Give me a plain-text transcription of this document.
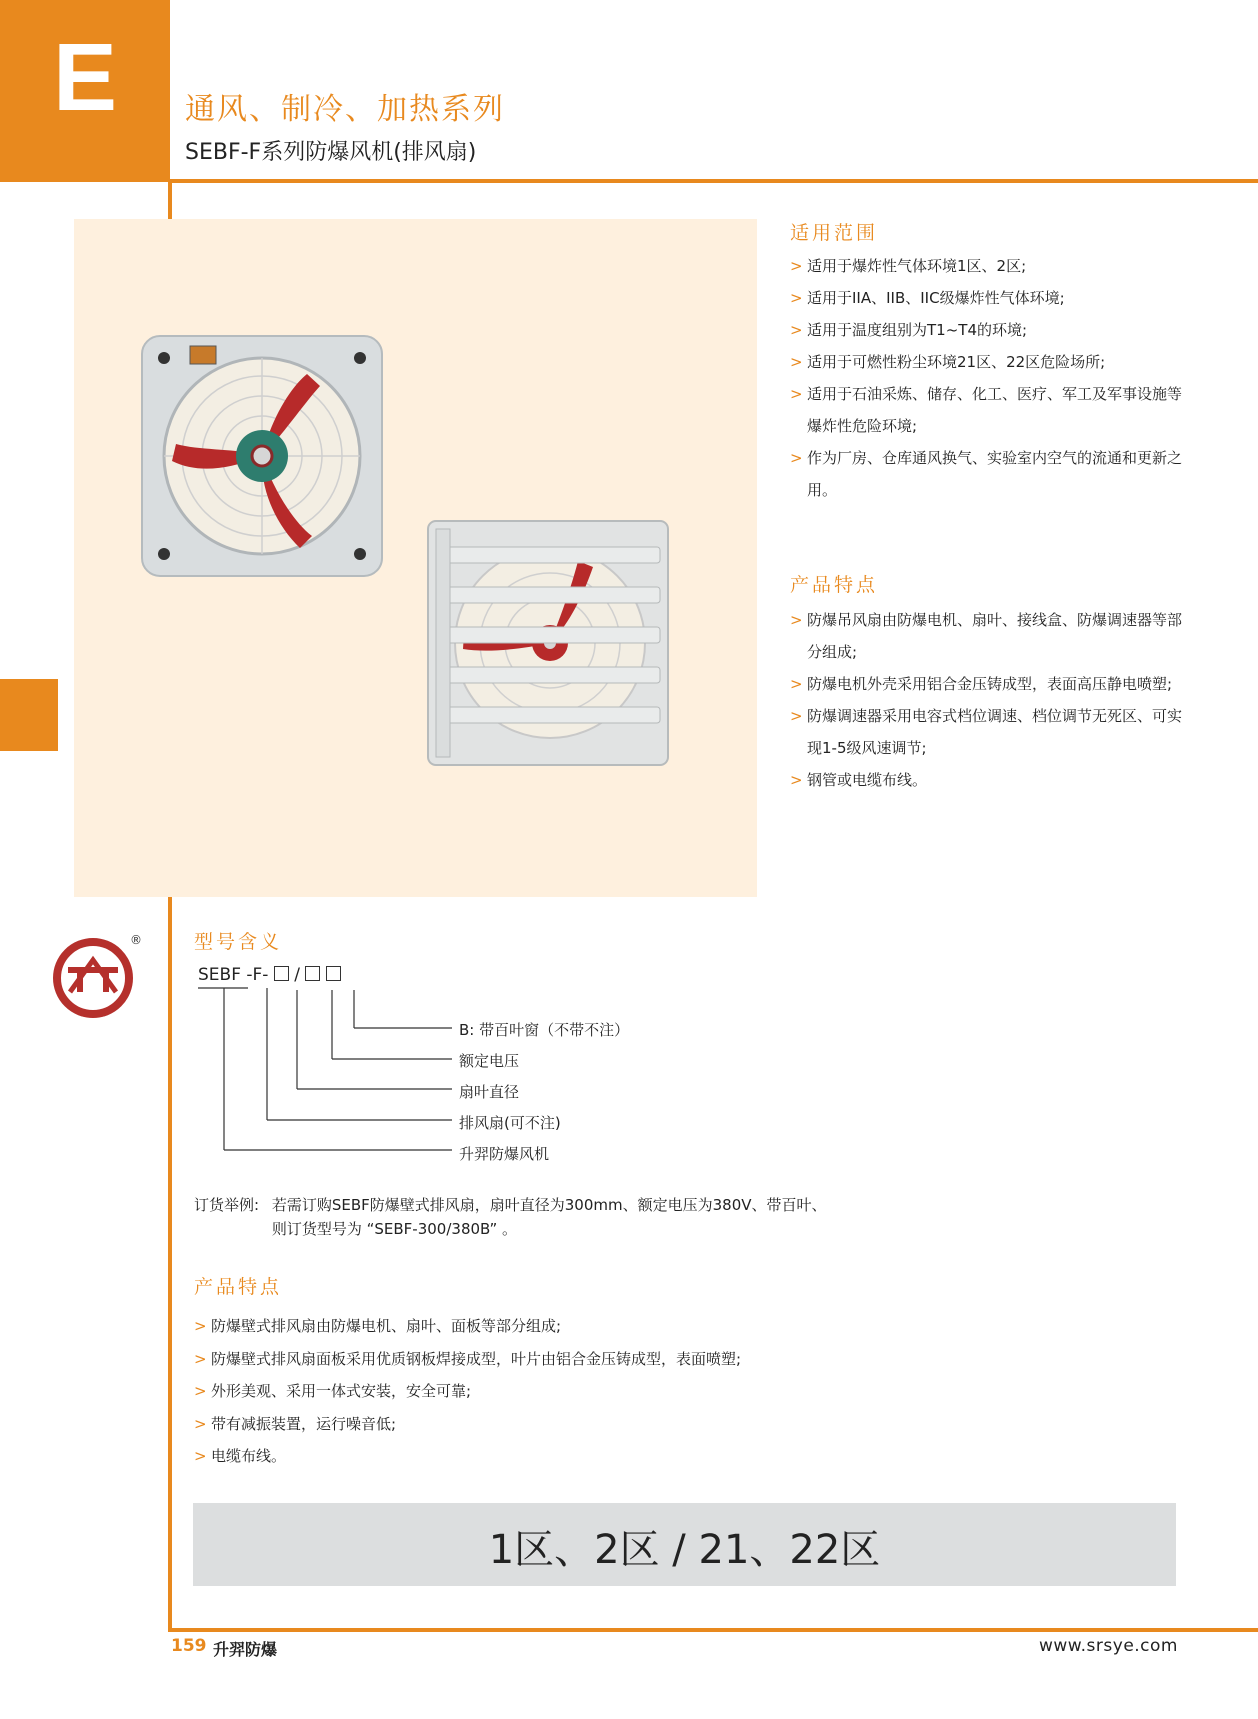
E	通风、制冷、加热系列
SEBF-F系列防爆风机(排风扇)
适用范围
> 适用于爆炸性气体环境1区、2区;
> 适用于IIA、IIB、IIC级爆炸性气体环境;
> 适用于温度组别为T1~T4的环境;
> 适用于可燃性粉尘环境21区、22区危险场所;
> 适用于石油采炼、储存、化工、医疗、军工及军事设施等爆炸性危险环境;
> 作为厂房、仓库通风换气、实验室内空气的流通和更新之用。
产品特点
> 防爆吊风扇由防爆电机、扇叶、接线盒、防爆调速器等部分组成;
> 防爆电机外壳采用铝合金压铸成型，表面高压静电喷塑;
> 防爆调速器采用电容式档位调速、档位调节无死区、可实现1-5级风速调节;
> 钢管或电缆布线。
®	型号含义
SEBF -F- /
B: 带百叶窗（不带不注）
额定电压
扇叶直径
排风扇(可不注)
升羿防爆风机
订货举例: 若需订购SEBF防爆壁式排风扇，扇叶直径为300mm、额定电压为380V、带百叶、
则订货型号为 “SEBF-300/380B” 。
产品特点
> 防爆壁式排风扇由防爆电机、扇叶、面板等部分组成;
> 防爆壁式排风扇面板采用优质钢板焊接成型，叶片由铝合金压铸成型，表面喷塑;
> 外形美观、采用一体式安装，安全可靠;
> 带有减振装置，运行噪音低;
> 电缆布线。
1区、2区 / 21、22区
159 升羿防爆	www.srsye.com
